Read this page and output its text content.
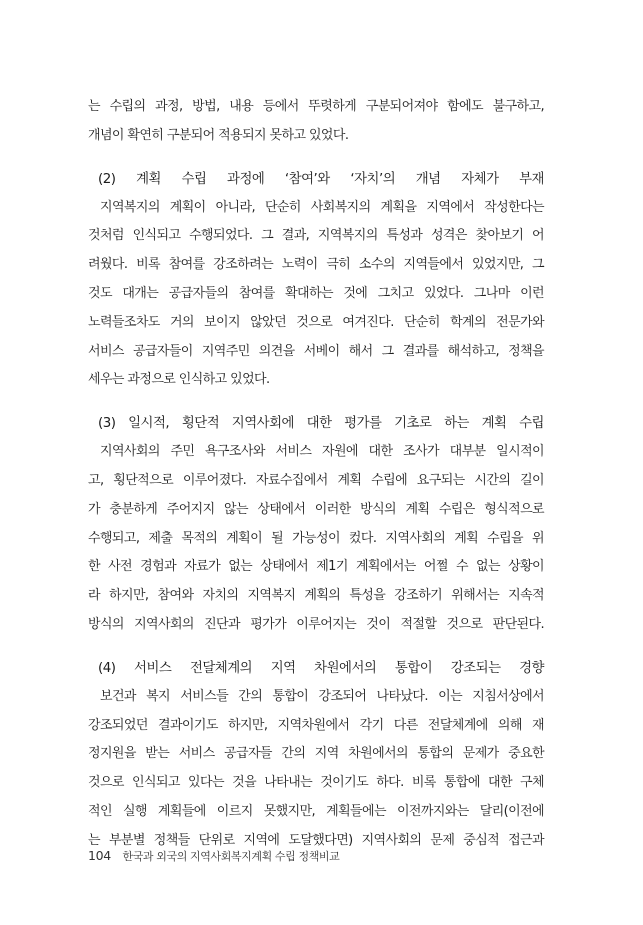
는 수립의 과정, 방법, 내용 등에서 뚜렷하게 구분되어져야 함에도 불구하고,
개념이 확연히 구분되어 적용되지 못하고 있었다.
(2) 계획 수립 과정에 ‘참여’와 ‘자치’의 개념 자체가 부재
지역복지의 계획이 아니라, 단순히 사회복지의 계획을 지역에서 작성한다는
것처럼 인식되고 수행되었다. 그 결과, 지역복지의 특성과 성격은 찾아보기 어
려웠다. 비록 참여를 강조하려는 노력이 극히 소수의 지역들에서 있었지만, 그
것도 대개는 공급자들의 참여를 확대하는 것에 그치고 있었다. 그나마 이런
노력들조차도 거의 보이지 않았던 것으로 여겨진다. 단순히 학계의 전문가와
서비스 공급자들이 지역주민 의견을 서베이 해서 그 결과를 해석하고, 정책을
세우는 과정으로 인식하고 있었다.
(3) 일시적, 횡단적 지역사회에 대한 평가를 기초로 하는 계획 수립
지역사회의 주민 욕구조사와 서비스 자원에 대한 조사가 대부분 일시적이
고, 횡단적으로 이루어졌다. 자료수집에서 계획 수립에 요구되는 시간의 길이
가 충분하게 주어지지 않는 상태에서 이러한 방식의 계획 수립은 형식적으로
수행되고, 제출 목적의 계획이 될 가능성이 컸다. 지역사회의 계획 수립을 위
한 사전 경험과 자료가 없는 상태에서 제1기 계획에서는 어쩔 수 없는 상황이
라 하지만, 참여와 자치의 지역복지 계획의 특성을 강조하기 위해서는 지속적
방식의 지역사회의 진단과 평가가 이루어지는 것이 적절할 것으로 판단된다.
(4) 서비스 전달체계의 지역 차원에서의 통합이 강조되는 경향
보건과 복지 서비스들 간의 통합이 강조되어 나타났다. 이는 지침서상에서
강조되었던 결과이기도 하지만, 지역차원에서 각기 다른 전달체계에 의해 재
정지원을 받는 서비스 공급자들 간의 지역 차원에서의 통합의 문제가 중요한
것으로 인식되고 있다는 것을 나타내는 것이기도 하다. 비록 통합에 대한 구체
적인 실행 계획들에 이르지 못했지만, 계획들에는 이전까지와는 달리(이전에
는 부분별 정책들 단위로 지역에 도달했다면) 지역사회의 문제 중심적 접근과
104 한국과 외국의 지역사회복지계획 수립 정책비교
